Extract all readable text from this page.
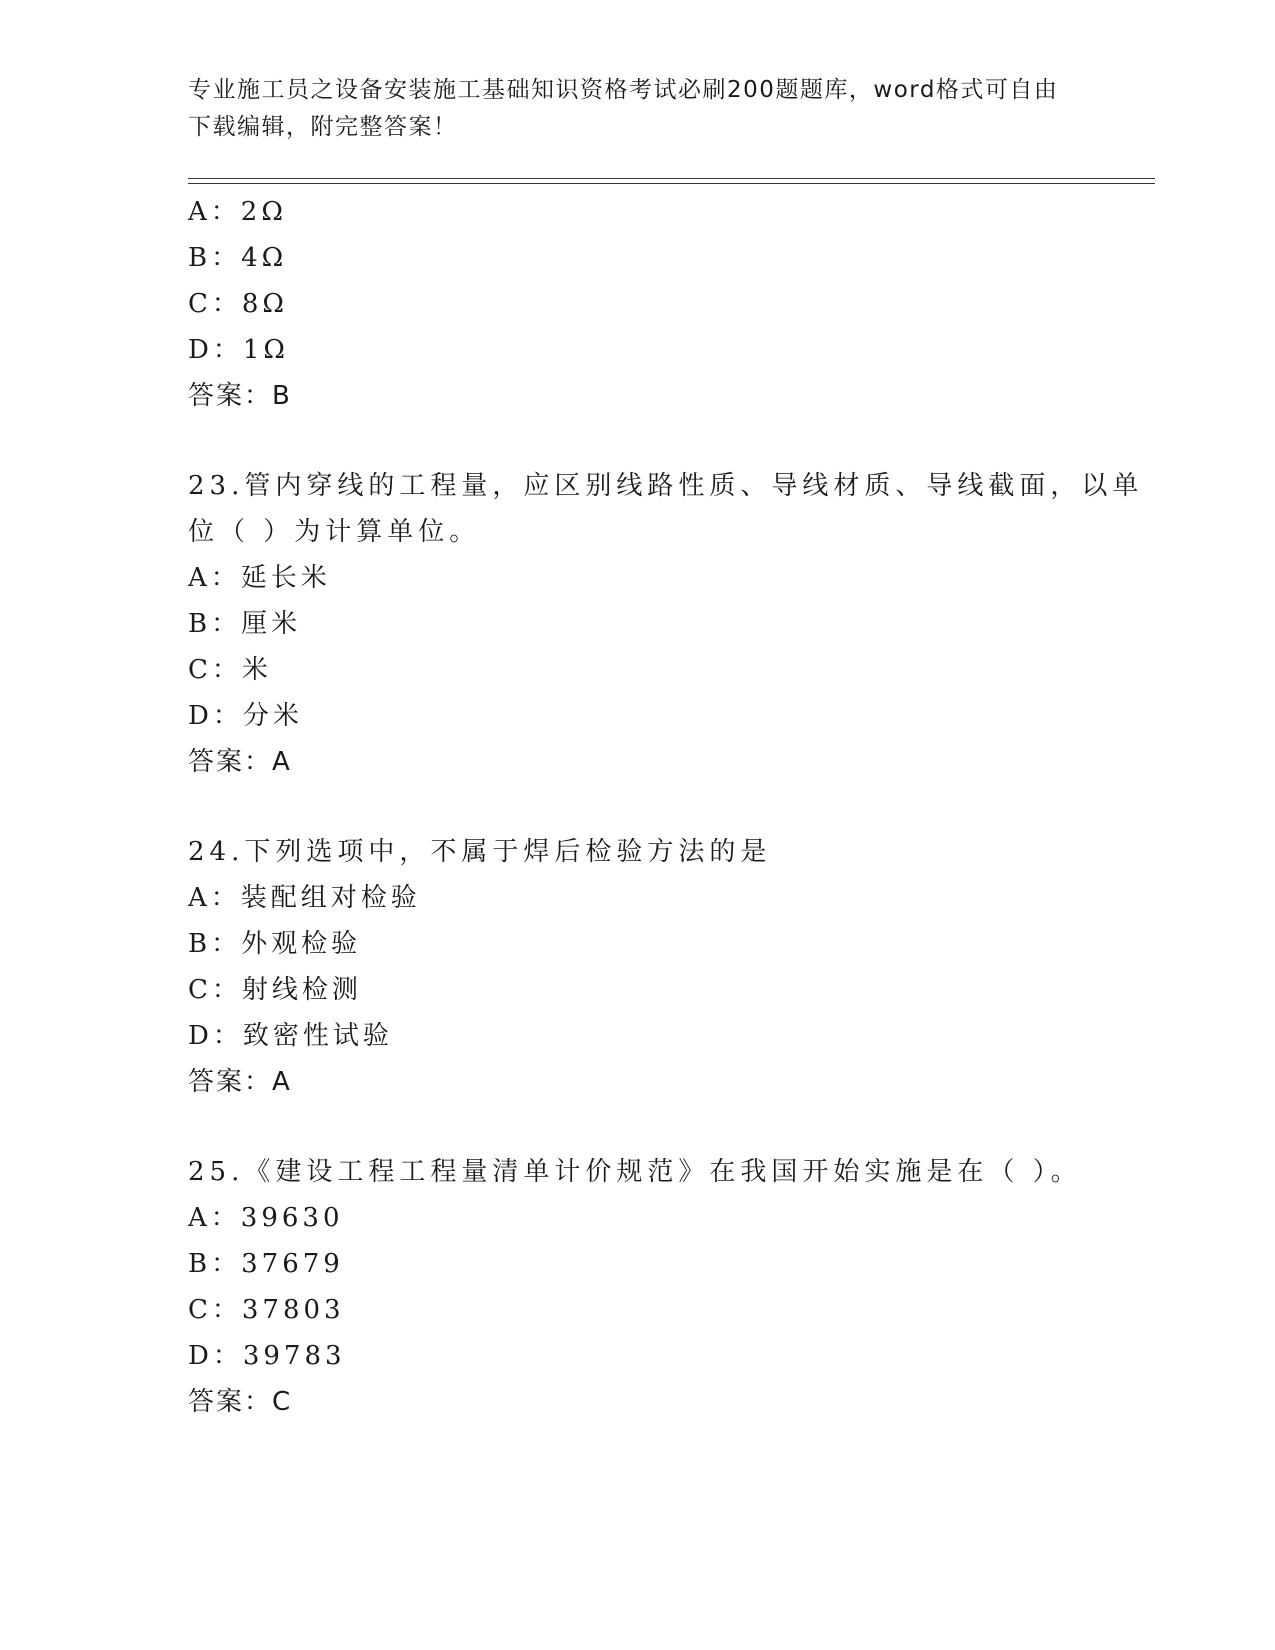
专业施工员之设备安装施工基础知识资格考试必刷200题题库，word格式可自由
下载编辑，附完整答案！
A：2Ω
B：4Ω
C：8Ω
D：1Ω
答案：B
23.管内穿线的工程量，应区别线路性质、导线材质、导线截面，以单
位（ ）为计算单位。
A：延长米
B：厘米
C：米
D：分米
答案：A
24.下列选项中，不属于焊后检验方法的是
A：装配组对检验
B：外观检验
C：射线检测
D：致密性试验
答案：A
25.《建设工程工程量清单计价规范》在我国开始实施是在（ ）。
A：39630
B：37679
C：37803
D：39783
答案：C
